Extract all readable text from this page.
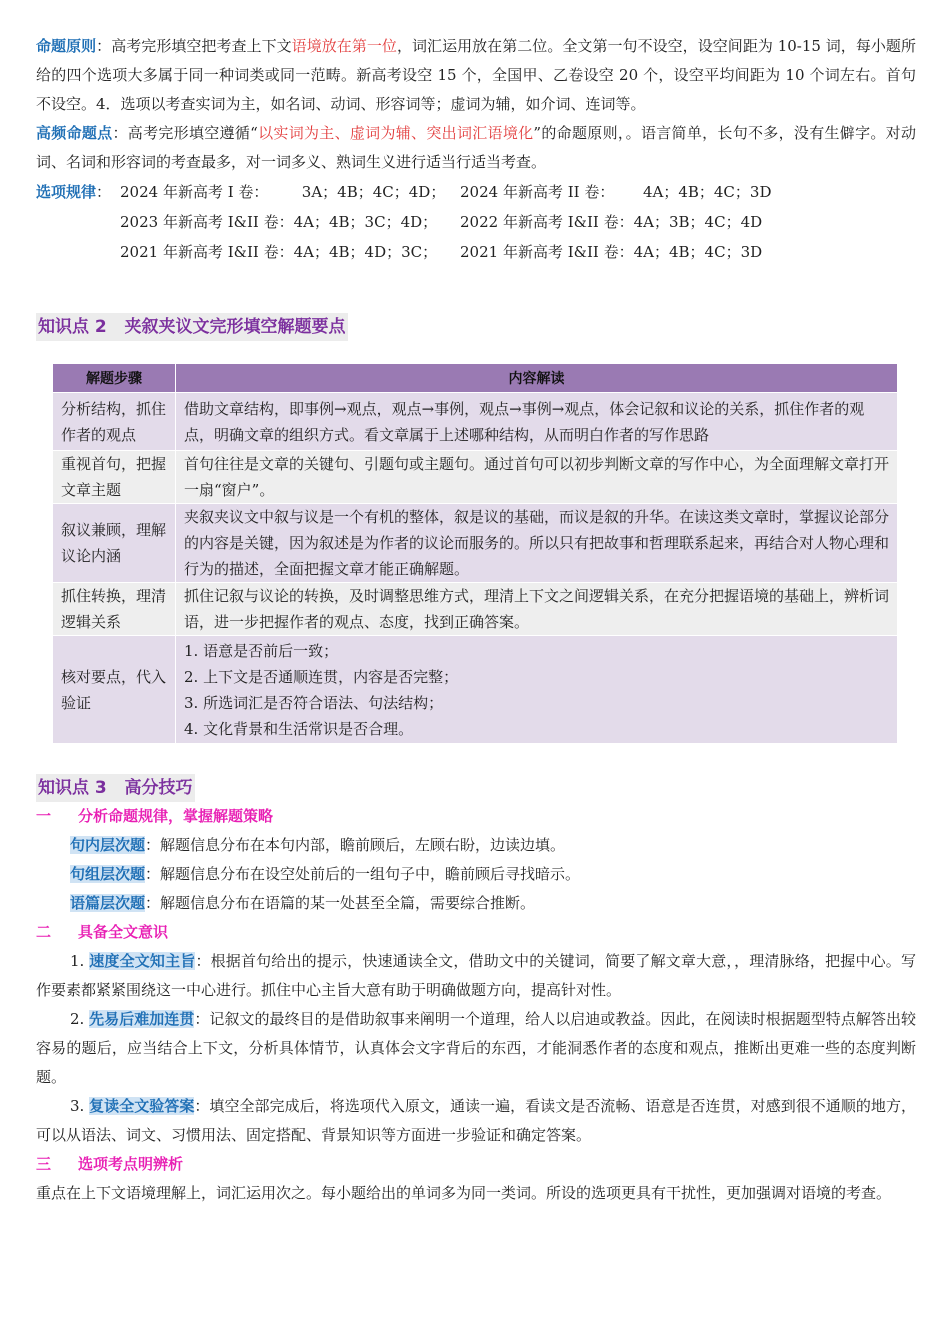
命题原则：高考完形填空把考查上下文语境放在第一位，词汇运用放在第二位。全文第一句不设空，设空间距为 10-15 词，每小题所给的四个选项大多属于同一种词类或同一范畴。新高考设空 15 个，全国甲、乙卷设空 20 个，设空平均间距为 10 个词左右。首句不设空。4．选项以考查实词为主，如名词、动词、形容词等；虚词为辅，如介词、连词等。

高频命题点：高考完形填空遵循“以实词为主、虚词为辅、突出词汇语境化”的命题原则，。语言简单，长句不多，没有生僻字。对动词、名词和形容词的考查最多，对一词多义、熟词生义进行适当行适当考查。

选项规律： 2024 年新高考 I 卷：       3A；4B；4C；4D； 2024 年新高考 II 卷：      4A；4B；4C；3D
2023 年新高考 I&II 卷：4A；4B；3C；4D；	2022 年新高考 I&II 卷：4A；3B；4C；4D
2021 年新高考 I&II 卷：4A；4B；4D；3C；	2021 年新高考 I&II 卷：4A；4B；4C；3D
知识点 2   夹叙夹议文完形填空解题要点
解题步骤	内容解读
分析结构，抓住作者的观点	借助文章结构，即事例→观点，观点→事例，观点→事例→观点，体会记叙和议论的关系，抓住作者的观点，明确文章的组织方式。看文章属于上述哪种结构，从而明白作者的写作思路
重视首句，把握文章主题	首句往往是文章的关键句、引题句或主题句。通过首句可以初步判断文章的写作中心，为全面理解文章打开一扇“窗户”。
叙议兼顾，理解议论内涵	夹叙夹议文中叙与议是一个有机的整体，叙是议的基础，而议是叙的升华。在读这类文章时，掌握议论部分的内容是关键，因为叙述是为作者的议论而服务的。所以只有把故事和哲理联系起来，再结合对人物心理和行为的描述，全面把握文章才能正确解题。
抓住转换，理清逻辑关系	抓住记叙与议论的转换，及时调整思维方式，理清上下文之间逻辑关系，在充分把握语境的基础上，辨析词语，进一步把握作者的观点、态度，找到正确答案。
核对要点，代入验证	1. 语意是否前后一致；
2. 上下文是否通顺连贯，内容是否完整；
3. 所选词汇是否符合语法、句法结构；
4. 文化背景和生活常识是否合理。
知识点 3   高分技巧
一 分析命题规律，掌握解题策略
句内层次题：解题信息分布在本句内部，瞻前顾后，左顾右盼，边读边填。
句组层次题：解题信息分布在设空处前后的一组句子中，瞻前顾后寻找暗示。
语篇层次题：解题信息分布在语篇的某一处甚至全篇，需要综合推断。
二 具备全文意识

1. 速度全文知主旨：根据首句给出的提示，快速通读全文，借助文中的关键词，简要了解文章大意，，理清脉络，把握中心。写作要素都紧紧围绕这一中心进行。抓住中心主旨大意有助于明确做题方向，提高针对性。

2. 先易后难加连贯：记叙文的最终目的是借助叙事来阐明一个道理，给人以启迪或教益。因此，在阅读时根据题型特点解答出较容易的题后，应当结合上下文，分析具体情节，认真体会文字背后的东西，才能洞悉作者的态度和观点，推断出更难一些的态度判断题。

3. 复读全文验答案：填空全部完成后，将选项代入原文，通读一遍，看读文是否流畅、语意是否连贯，对感到很不通顺的地方，可以从语法、词文、习惯用法、固定搭配、背景知识等方面进一步验证和确定答案。

三 选项考点明辨析

重点在上下文语境理解上，词汇运用次之。每小题给出的单词多为同一类词。所设的选项更具有干扰性，更加强调对语境的考查。
